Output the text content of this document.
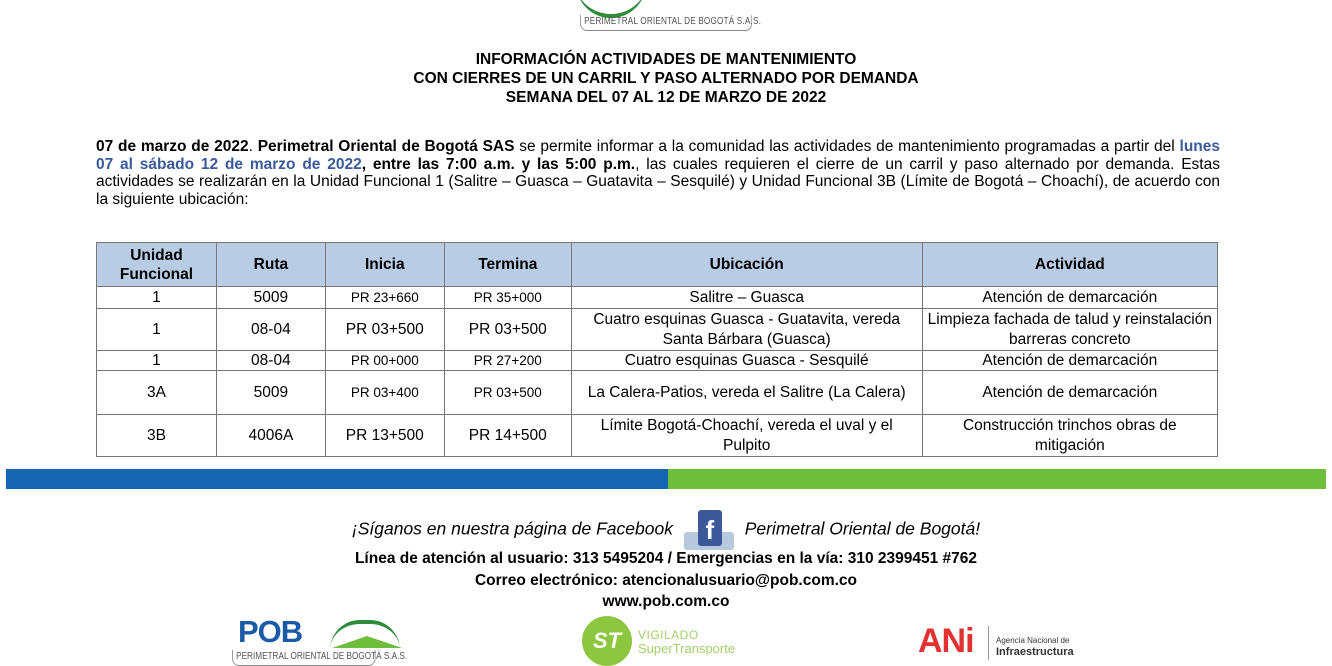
PERIMETRAL ORIENTAL DE BOGOTÁ S.A.S.
INFORMACIÓN ACTIVIDADES DE MANTENIMIENTO
CON CIERRES DE UN CARRIL Y PASO ALTERNADO POR DEMANDA
SEMANA DEL 07 AL 12 DE MARZO DE 2022

07 de marzo de 2022. Perimetral Oriental de Bogotá SAS se permite informar a la comunidad las actividades de mantenimiento programadas a partir del lunes 07 al sábado 12 de marzo de 2022, entre las 7:00 a.m. y las 5:00 p.m., las cuales requieren el cierre de un carril y paso alternado por demanda. Estas actividades se realizarán en la Unidad Funcional 1 (Salitre – Guasca – Guatavita – Sesquilé) y Unidad Funcional 3B (Límite de Bogotá – Choachí), de acuerdo con la siguiente ubicación:

Unidad Funcional	Ruta	Inicia	Termina	Ubicación	Actividad
1	5009	PR 23+660	PR 35+000	Salitre – Guasca	Atención de demarcación
1	08-04	PR 03+500	PR 03+500	Cuatro esquinas Guasca - Guatavita, vereda Santa Bárbara (Guasca)	Limpieza fachada de talud y reinstalación barreras concreto
1	08-04	PR 00+000	PR 27+200	Cuatro esquinas Guasca - Sesquilé	Atención de demarcación
3A	5009	PR 03+400	PR 03+500	La Calera-Patios, vereda el Salitre (La Calera)	Atención de demarcación
3B	4006A	PR 13+500	PR 14+500	Límite Bogotá-Choachí, vereda el uval y el Pulpito	Construcción trinchos obras de mitigación
¡Síganos en nuestra página de Facebook f	Perimetral Oriental de Bogotá!
Línea de atención al usuario: 313 5495204 / Emergencias en la vía: 310 2399451 #762
Correo electrónico: atencionalusuario@pob.com.co
www.pob.com.co
POB
PERIMETRAL ORIENTAL DE BOGOTÁ S.A.S.
ST	VIGILADO
SuperTransporte	ANi	Agencia Nacional de
Infraestructura
